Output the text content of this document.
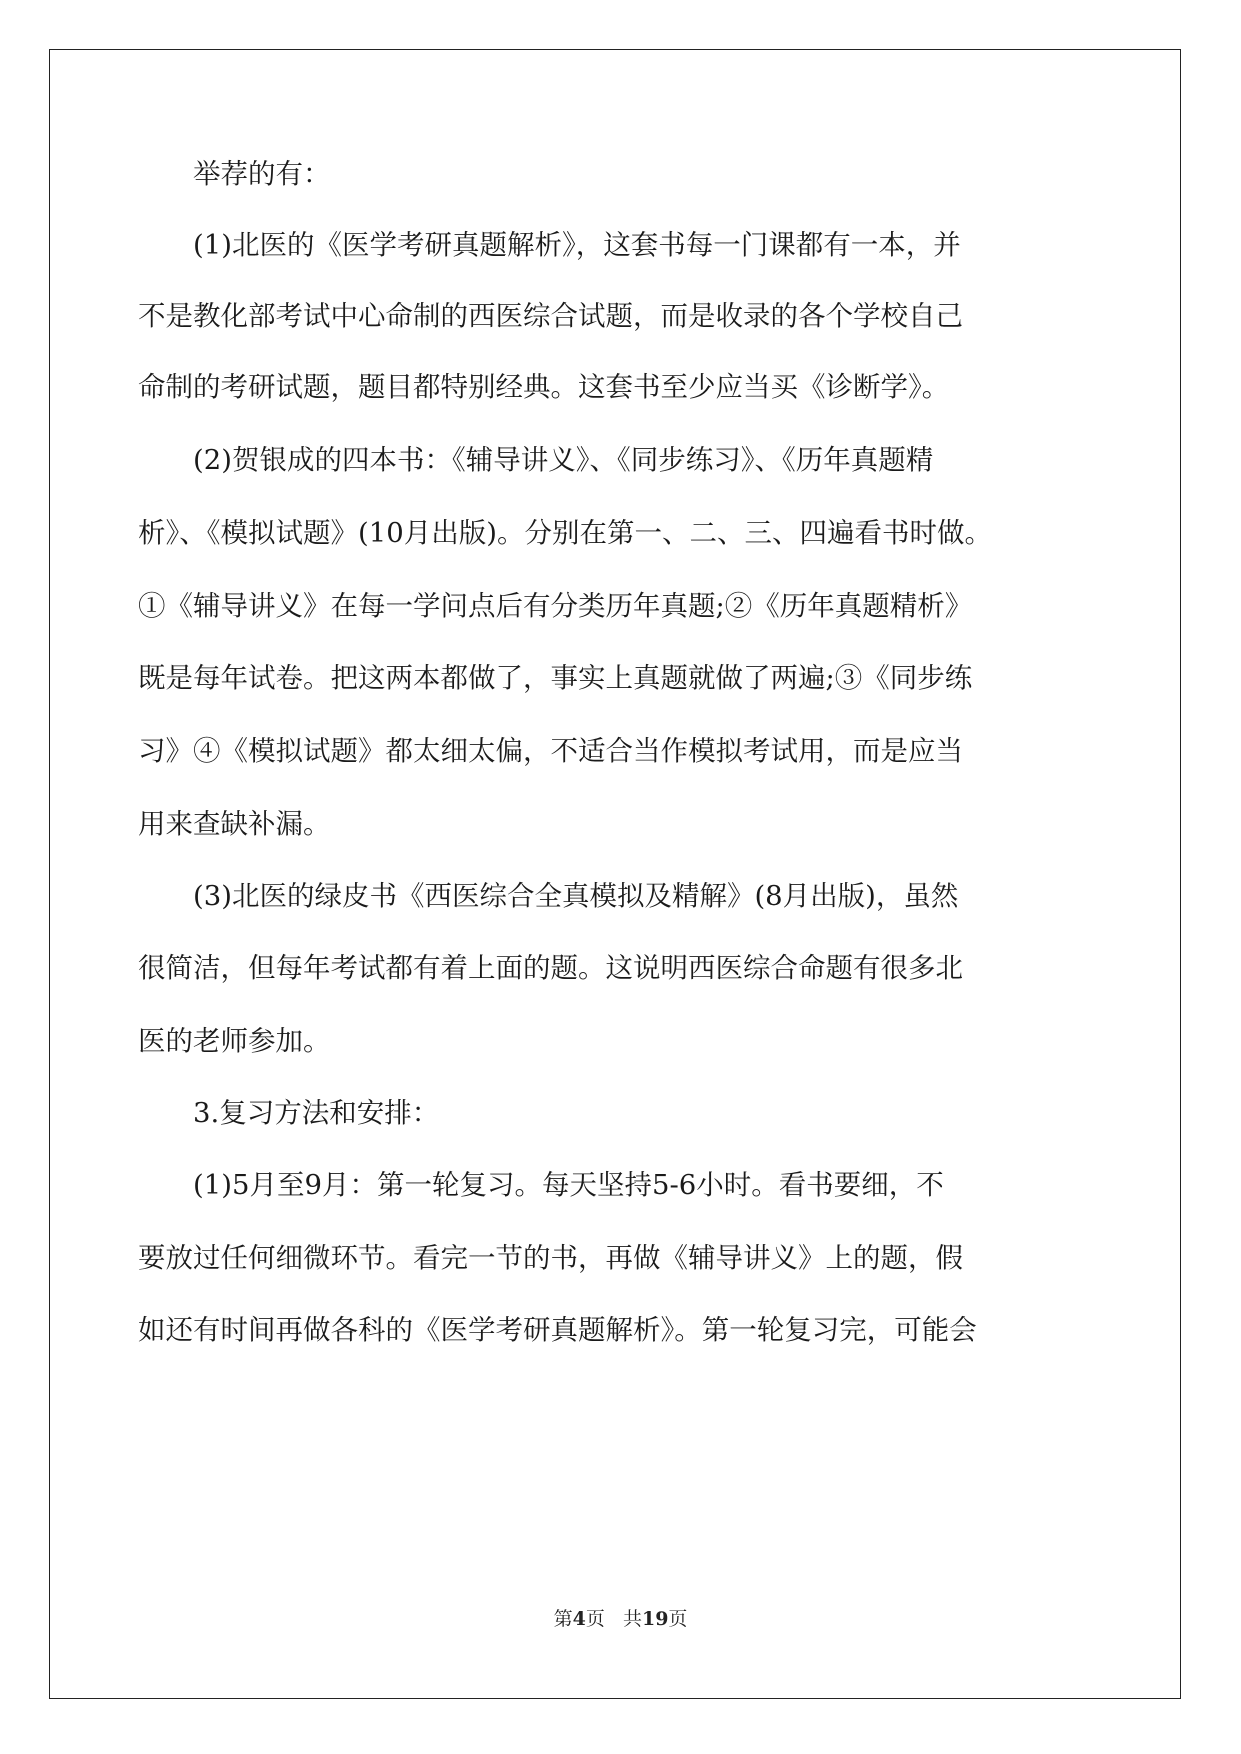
举荐的有：
(1)北医的《医学考研真题解析》，这套书每一门课都有一本，并
不是教化部考试中心命制的西医综合试题，而是收录的各个学校自己
命制的考研试题，题目都特别经典。这套书至少应当买《诊断学》。
(2)贺银成的四本书：《辅导讲义》、《同步练习》、《历年真题精
析》、《模拟试题》(10月出版)。分别在第一、二、三、四遍看书时做。
①《辅导讲义》在每一学问点后有分类历年真题;②《历年真题精析》
既是每年试卷。把这两本都做了，事实上真题就做了两遍;③《同步练
习》④《模拟试题》都太细太偏，不适合当作模拟考试用，而是应当
用来查缺补漏。
(3)北医的绿皮书《西医综合全真模拟及精解》(8月出版)，虽然
很简洁，但每年考试都有着上面的题。这说明西医综合命题有很多北
医的老师参加。
3.复习方法和安排：
(1)5月至9月：第一轮复习。每天坚持5-6小时。看书要细，不
要放过任何细微环节。看完一节的书，再做《辅导讲义》上的题，假
如还有时间再做各科的《医学考研真题解析》。第一轮复习完，可能会
第4页 共19页
